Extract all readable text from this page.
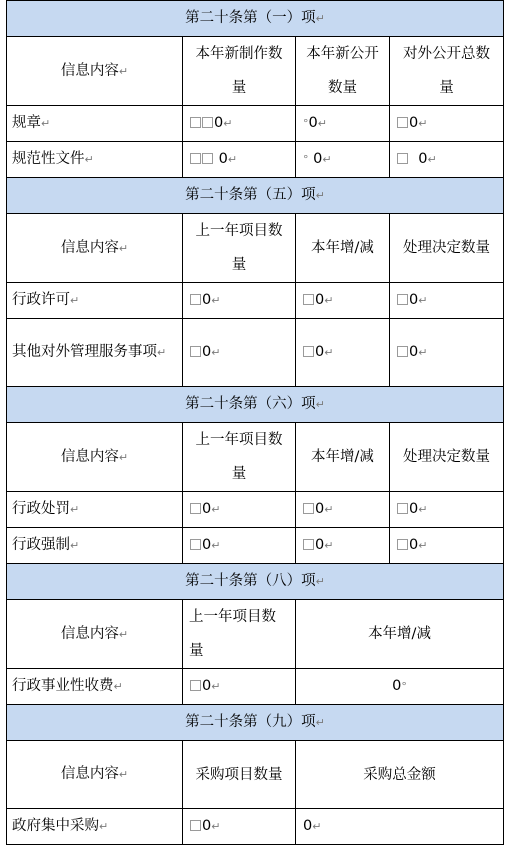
第二十条第（一）项↵			
信息内容↵	本年新制作数量	本年新公开数量	对外公开总数量

规章↵	0↵	°0↵	0↵
规范性文件↵	0↵	° 0↵	0↵
第二十条第（五）项↵			
信息内容↵	上一年项目数量	本年增/减	处理决定数量

行政许可↵	0↵	0↵	0↵

其他对外管理服务事项↵	0↵	0↵	0↵
第二十条第（六）项↵			
信息内容↵	上一年项目数量	本年增/减	处理决定数量

行政处罚↵	0↵	0↵	0↵
行政强制↵	0↵	0↵	0↵
第二十条第（八）项↵			
信息内容↵	上一年项目数量	本年增/减	
行政事业性收费↵	0↵	0°	
第二十条第（九）项↵			
信息内容↵	采购项目数量	采购总金额	
政府集中采购↵	0↵	0↵	
